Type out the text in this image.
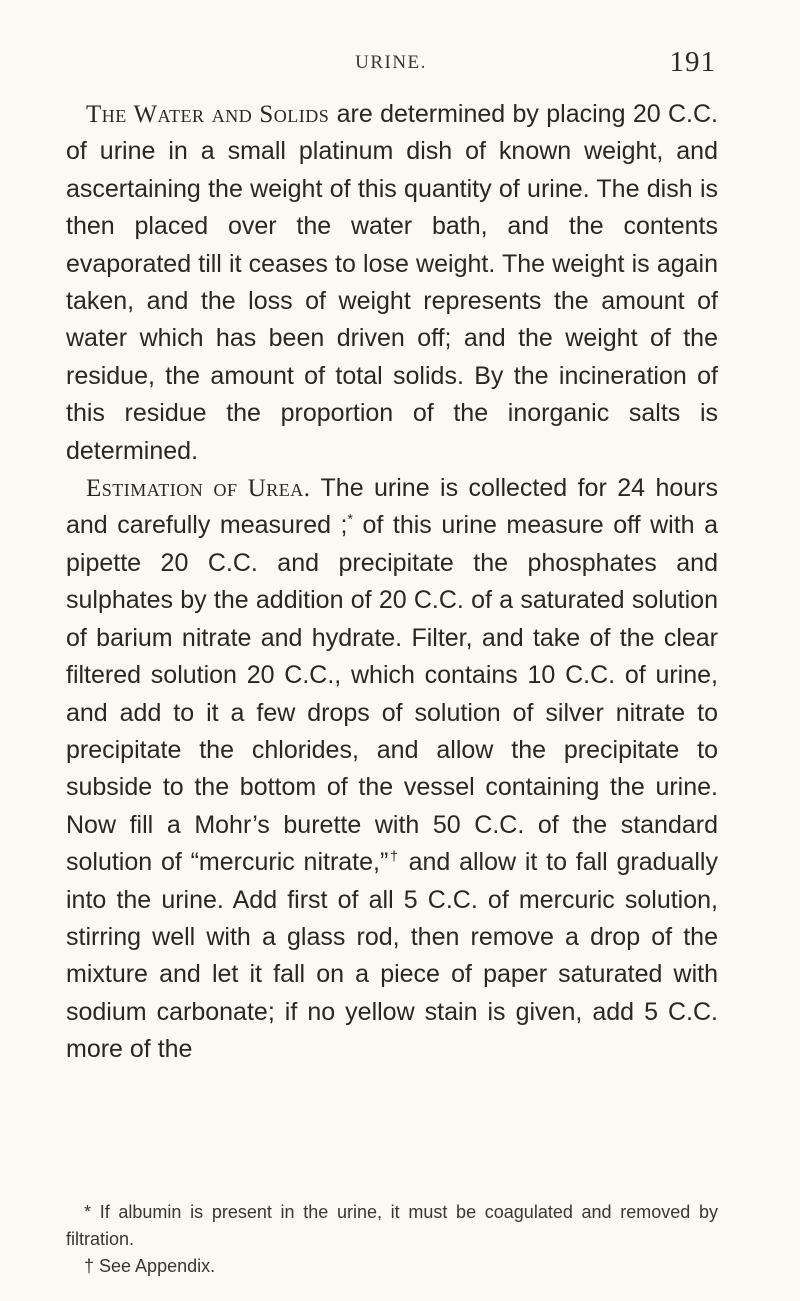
URINE.	191

The Water and Solids are determined by placing 20 C.C. of urine in a small platinum dish of known weight, and ascertaining the weight of this quantity of urine. The dish is then placed over the water bath, and the contents evaporated till it ceases to lose weight. The weight is again taken, and the loss of weight represents the amount of water which has been driven off; and the weight of the residue, the amount of total solids. By the incineration of this residue the proportion of the inorganic salts is determined.

Estimation of Urea. The urine is collected for 24 hours and carefully measured ;* of this urine measure off with a pipette 20 C.C. and precipitate the phosphates and sulphates by the addition of 20 C.C. of a saturated solution of barium nitrate and hydrate. Filter, and take of the clear filtered solution 20 C.C., which contains 10 C.C. of urine, and add to it a few drops of solution of silver nitrate to precipitate the chlorides, and allow the precipitate to subside to the bottom of the vessel containing the urine. Now fill a Mohr’s burette with 50 C.C. of the standard solution of “mercuric nitrate,”† and allow it to fall gradually into the urine. Add first of all 5 C.C. of mercuric solution, stirring well with a glass rod, then remove a drop of the mixture and let it fall on a piece of paper saturated with sodium carbonate; if no yellow stain is given, add 5 C.C. more of the

* If albumin is present in the urine, it must be coagulated and removed by filtration.

† See Appendix.
